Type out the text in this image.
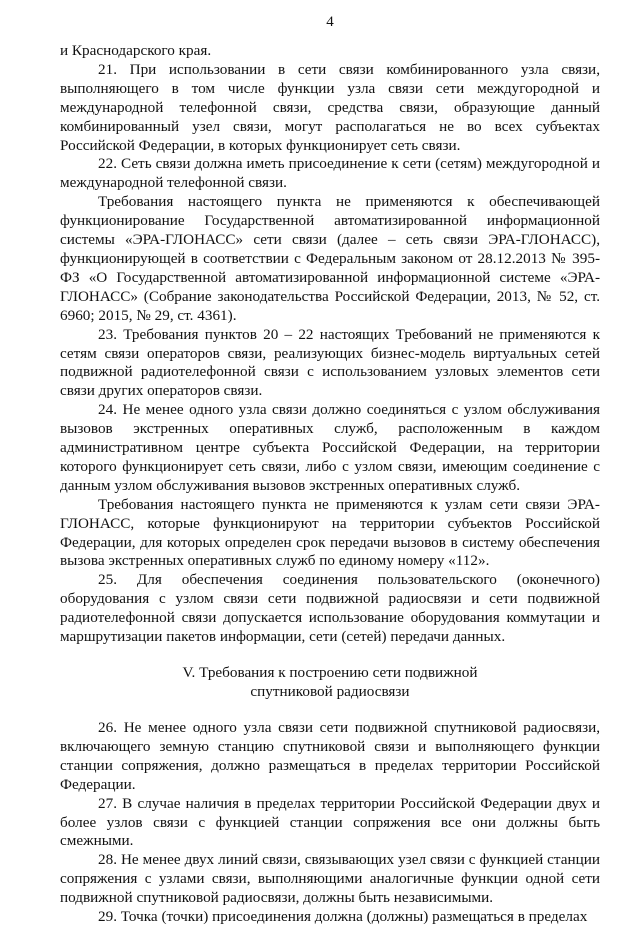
4

и Краснодарского края.

21. При использовании в сети связи комбинированного узла связи, выполняющего в том числе функции узла связи сети междугородной и международной телефонной связи, средства связи, образующие данный комбинированный узел связи, могут располагаться не во всех субъектах Российской Федерации, в которых функционирует сеть связи.

22. Сеть связи должна иметь присоединение к сети (сетям) междугородной и международной телефонной связи.

Требования настоящего пункта не применяются к обеспечивающей функционирование Государственной автоматизированной информационной системы «ЭРА-ГЛОНАСС» сети связи (далее – сеть связи ЭРА-ГЛОНАСС), функционирующей в соответствии с Федеральным законом от 28.12.2013 № 395-ФЗ «О Государственной автоматизированной информационной системе «ЭРА-ГЛОНАСС» (Собрание законодательства Российской Федерации, 2013, № 52, ст. 6960; 2015, № 29, ст. 4361).

23. Требования пунктов 20 – 22 настоящих Требований не применяются к сетям связи операторов связи, реализующих бизнес-модель виртуальных сетей подвижной радиотелефонной связи с использованием узловых элементов сети связи других операторов связи.

24. Не менее одного узла связи должно соединяться с узлом обслуживания вызовов экстренных оперативных служб, расположенным в каждом административном центре субъекта Российской Федерации, на территории которого функционирует сеть связи, либо с узлом связи, имеющим соединение с данным узлом обслуживания вызовов экстренных оперативных служб.

Требования настоящего пункта не применяются к узлам сети связи ЭРА-ГЛОНАСС, которые функционируют на территории субъектов Российской Федерации, для которых определен срок передачи вызовов в систему обеспечения вызова экстренных оперативных служб по единому номеру «112».

25. Для обеспечения соединения пользовательского (оконечного) оборудования с узлом связи сети подвижной радиосвязи и сети подвижной радиотелефонной связи допускается использование оборудования коммутации и маршрутизации пакетов информации, сети (сетей) передачи данных.

V. Требования к построению сети подвижной
спутниковой радиосвязи

26. Не менее одного узла связи сети подвижной спутниковой радиосвязи, включающего земную станцию спутниковой связи и выполняющего функции станции сопряжения, должно размещаться в пределах территории Российской Федерации.

27. В случае наличия в пределах территории Российской Федерации двух и более узлов связи с функцией станции сопряжения все они должны быть смежными.

28. Не менее двух линий связи, связывающих узел связи с функцией станции сопряжения с узлами связи, выполняющими аналогичные функции одной сети подвижной спутниковой радиосвязи, должны быть независимыми.

29. Точка (точки) присоединения должна (должны) размещаться в пределах
